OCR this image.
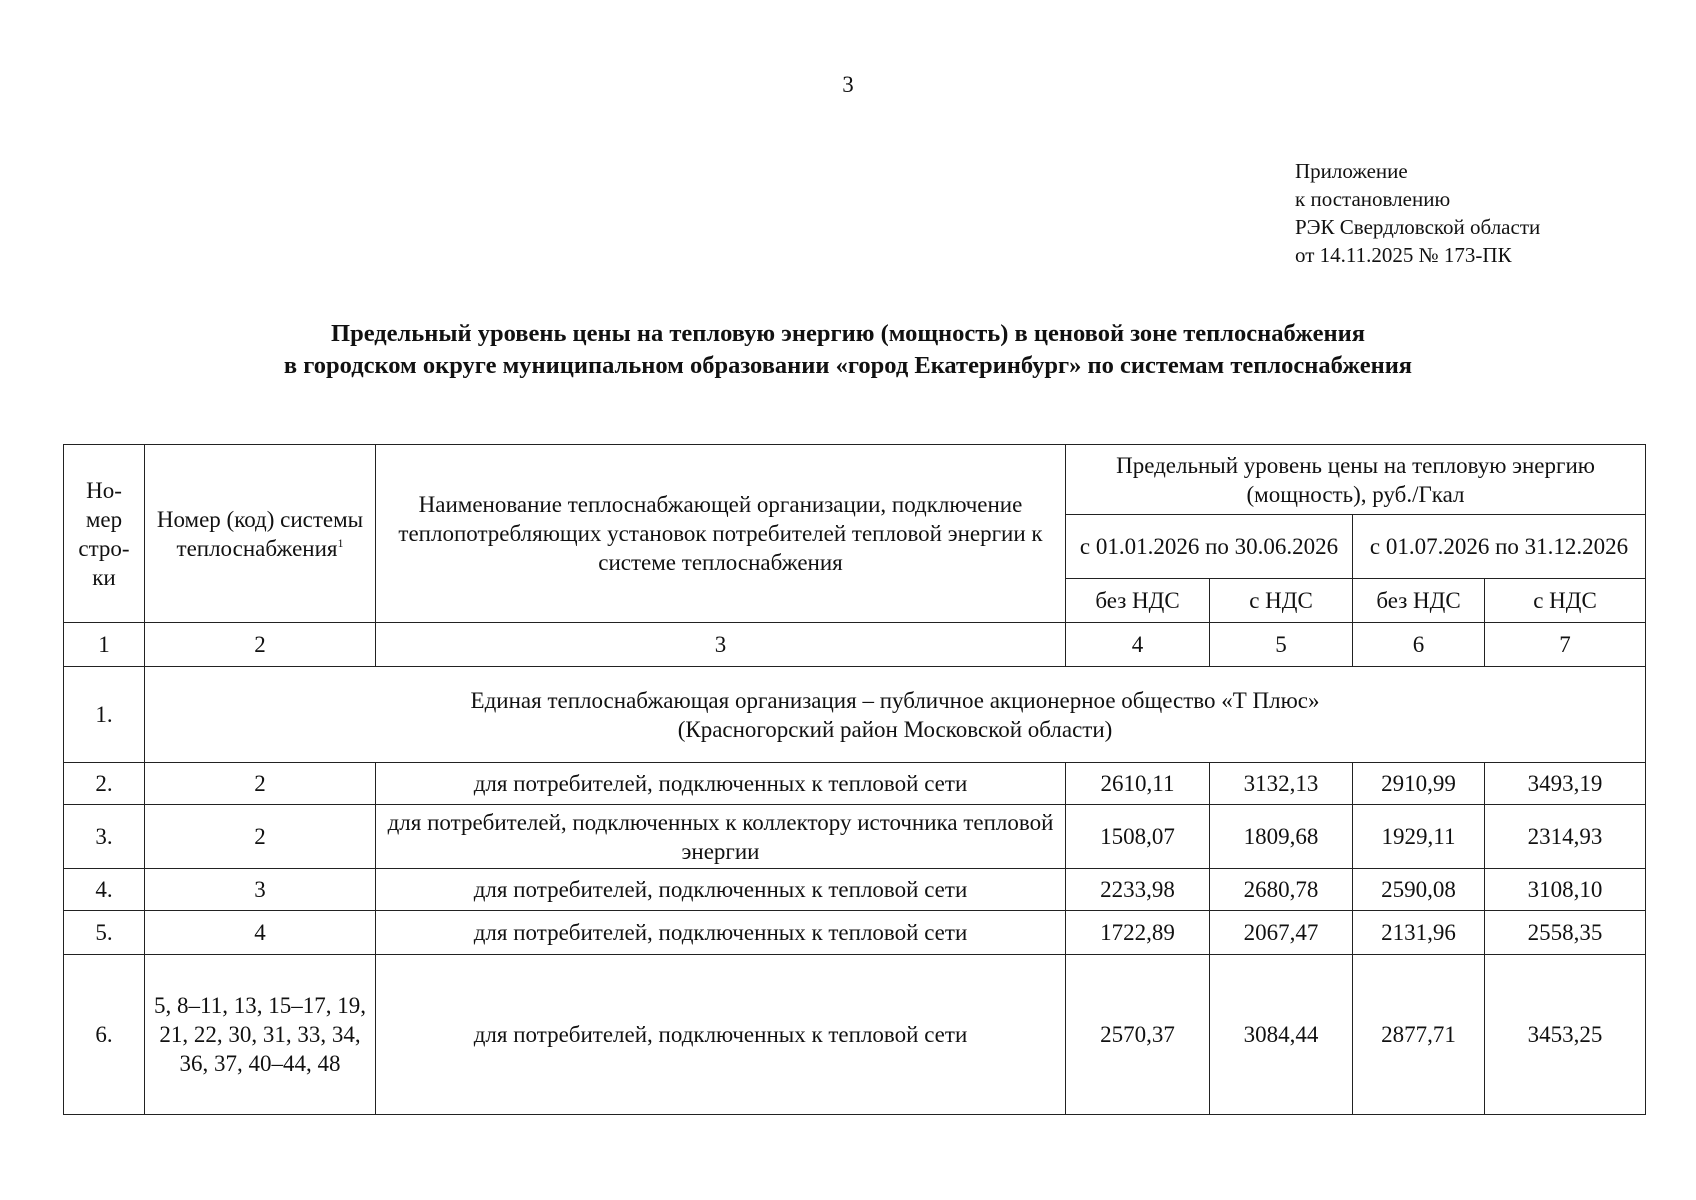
3
Приложение
к постановлению
РЭК Свердловской области
от 14.11.2025 № 173-ПК
Предельный уровень цены на тепловую энергию (мощность) в ценовой зоне теплоснабжения
в городском округе муниципальном образовании «город Екатеринбург» по системам теплоснабжения
Но-мер стро-ки	Номер (код) системы теплоснабжения$^1$	Наименование теплоснабжающей организации, подключение теплопотребляющих установок потребителей тепловой энергии к системе теплоснабжения	Предельный уровень цены на тепловую энергию (мощность), руб./Гкал			
			с 01.01.2026 по 30.06.2026		с 01.07.2026 по 31.12.2026	
			без НДС	с НДС	без НДС	с НДС
1	2	3	4	5	6	7
1.	Единая теплоснабжающая организация – публичное акционерное общество «Т Плюс»
(Красногорский район Московской области)					

2.	2	для потребителей, подключенных к тепловой сети	2610,11	3132,13	2910,99	3493,19
3.	2	для потребителей, подключенных к коллектору источника тепловой энергии	1508,07	1809,68	1929,11	2314,93
4.	3	для потребителей, подключенных к тепловой сети	2233,98	2680,78	2590,08	3108,10
5.	4	для потребителей, подключенных к тепловой сети	1722,89	2067,47	2131,96	2558,35
6.	5, 8–11, 13, 15–17, 19, 21, 22, 30, 31, 33, 34, 36, 37, 40–44, 48	для потребителей, подключенных к тепловой сети	2570,37	3084,44	2877,71	3453,25
